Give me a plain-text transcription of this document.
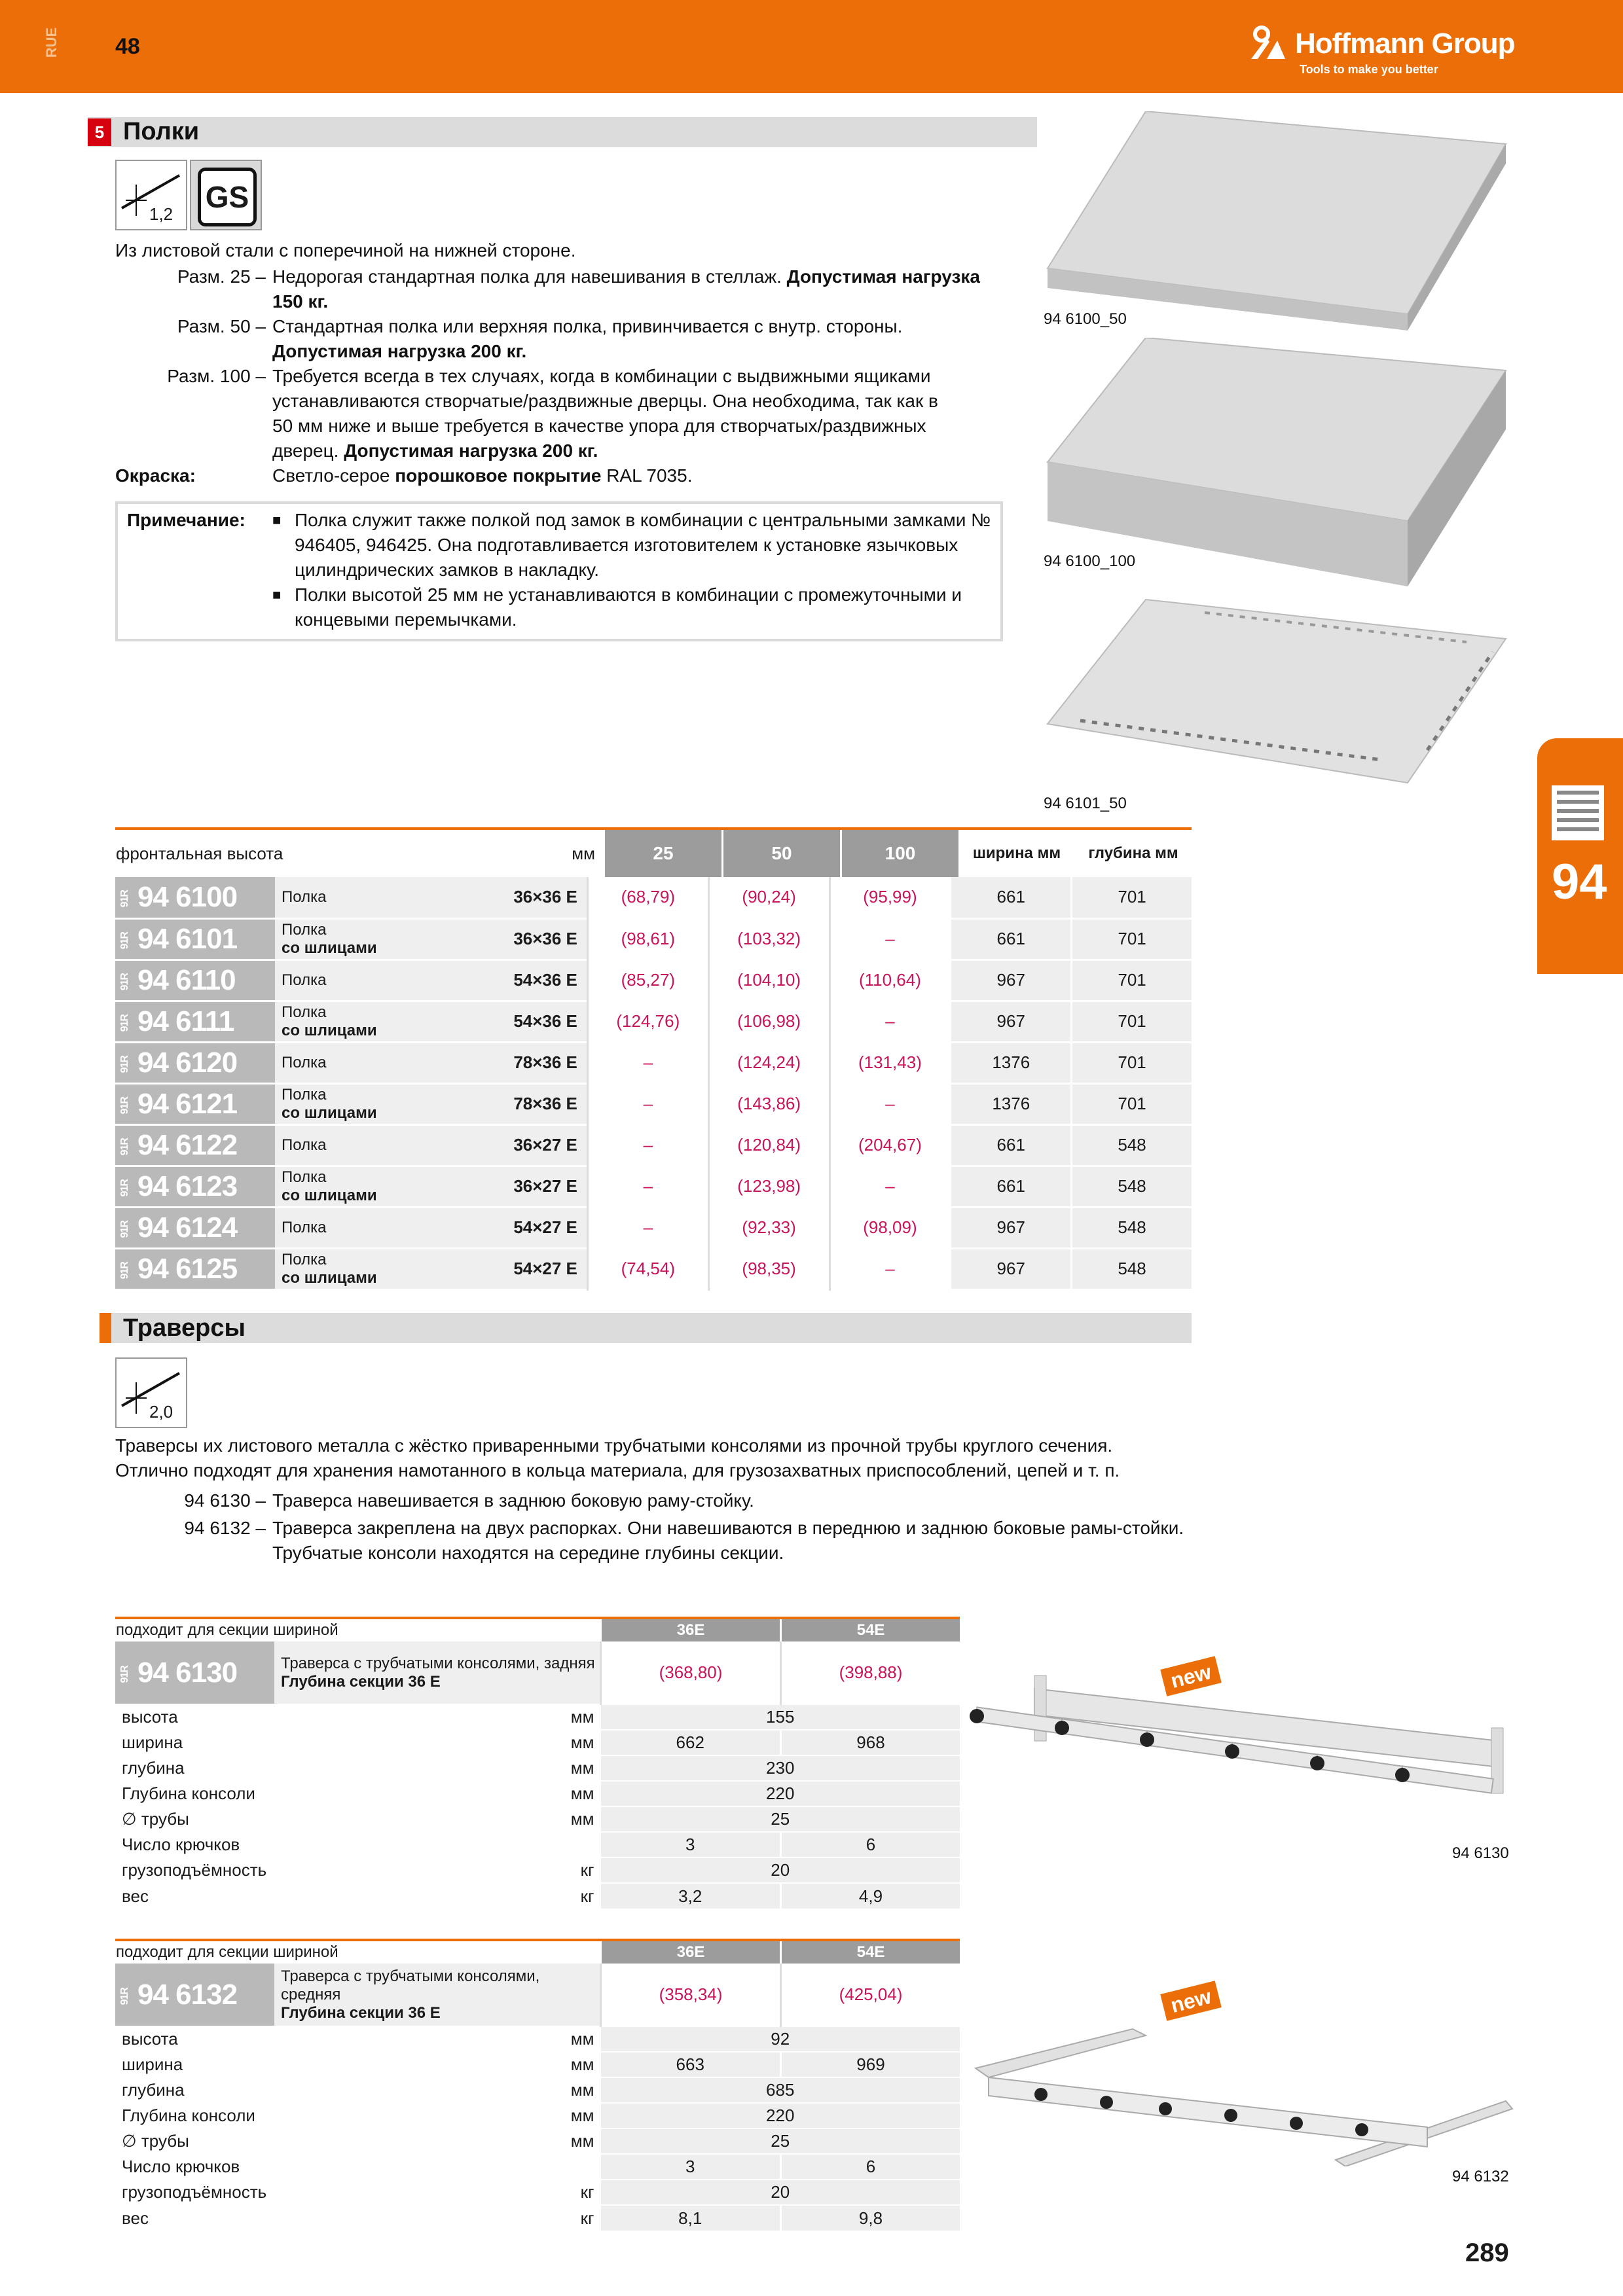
RUE 48	Hoffmann Group
Tools to make you better
94
5 Полки
1,2 GS
Из листовой стали с поперечиной на нижней стороне.
Разм. 25 – Недорогая стандартная полка для навешивания в стеллаж. Допустимая нагрузка 150 кг.
Разм. 50 – Стандартная полка или верхняя полка, привинчивается с внутр. стороны. Допустимая нагрузка 200 кг.
Разм. 100 – Требуется всегда в тех случаях, когда в комбинации с выдвижными ящиками устанавливаются створчатые/раздвижные дверцы. Она необходима, так как в 50 мм ниже и выше требуется в качестве упора для створчатых/раздвижных дверец. Допустимая нагрузка 200 кг.
Окраска:	Светло-серое порошковое покрытие RAL 7035.
Примечание: ■ Полка служит также полкой под замок в комбинации с центральными замками № 946405, 946425. Она подготавливается изготовителем к установке язычковых цилиндрических замков в накладку.
■ Полки высотой 25 мм не устанавливаются в комбинации с промежуточными и концевыми перемычками.
94 6100_50
94 6100_100
94 6101_50
фронтальная высота	мм	25	50	100	ширина мм	глубина мм
91R 94 6100	Полка	36×36 E	(68,79)	(90,24)	(95,99)	661	701
91R 94 6101	Полка
со шлицами	36×36 E	(98,61)	(103,32)	–	661	701
91R 94 6110	Полка	54×36 E	(85,27)	(104,10)	(110,64)	967	701
91R 94 6111	Полка
со шлицами	54×36 E	(124,76)	(106,98)	–	967	701
91R 94 6120	Полка	78×36 E	–	(124,24)	(131,43)	1376	701
91R 94 6121	Полка
со шлицами	78×36 E	–	(143,86)	–	1376	701
91R 94 6122	Полка	36×27 E	–	(120,84)	(204,67)	661	548
91R 94 6123	Полка
со шлицами	36×27 E	–	(123,98)	–	661	548
91R 94 6124	Полка	54×27 E	–	(92,33)	(98,09)	967	548
91R 94 6125	Полка
со шлицами	54×27 E	(74,54)	(98,35)	–	967	548
Траверсы
2,0
Траверсы их листового металла с жёстко приваренными трубчатыми консолями из прочной трубы круглого сечения.
Отлично подходят для хранения намотанного в кольца материала, для грузозахватных приспособлений, цепей и т. п.
94 6130 – Траверса навешивается в заднюю боковую раму-стойку.
94 6132 – Траверса закреплена на двух распорках. Они навешиваются в переднюю и заднюю боковые рамы-стойки. Трубчатые консоли находятся на середине глубины секции.
подходит для секции шириной		36E	54E
91R 94 6130	Траверса с трубчатыми консолями, задняя
Глубина секции 36 E	(368,80)	(398,88)
высота	мм	155	
ширина	мм	662	968
глубина	мм	230	
Глубина консоли	мм	220	
∅ трубы	мм	25	
Число крючков		3	6
грузоподъёмность	кг	20	
вес	кг	3,2	4,9
подходит для секции шириной		36E	54E
91R 94 6132	Траверса с трубчатыми консолями, средняя
Глубина секции 36 E	(358,34)	(425,04)
высота	мм	92	
ширина	мм	663	969
глубина	мм	685	
Глубина консоли	мм	220	
∅ трубы	мм	25	
Число крючков		3	6
грузоподъёмность	кг	20	
вес	кг	8,1	9,8
new
94 6130
new
94 6132
289
